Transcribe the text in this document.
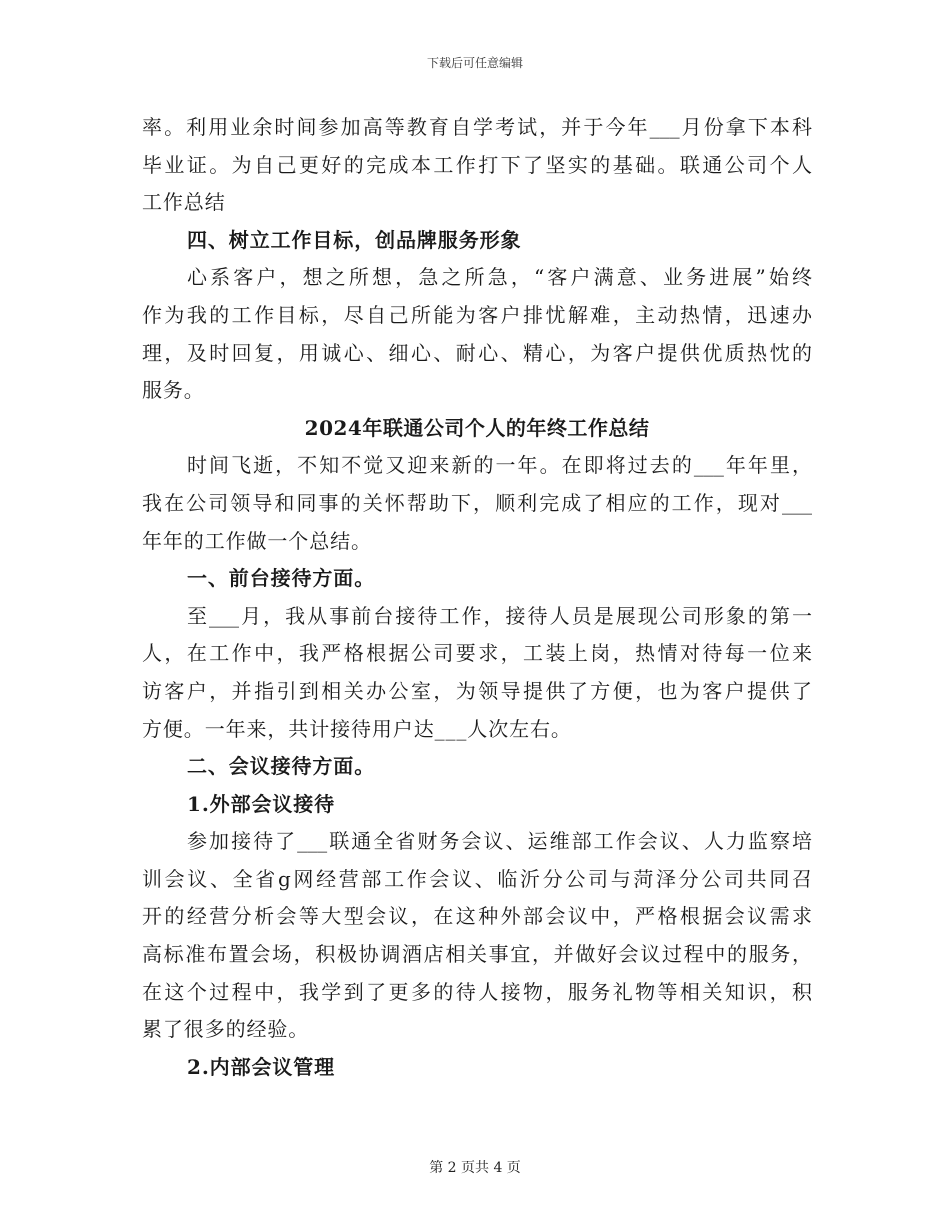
下载后可任意编辑
率。利用业余时间参加高等教育自学考试，并于今年___月份拿下本科
毕业证。为自己更好的完成本工作打下了坚实的基础。联通公司个人
工作总结
四、树立工作目标，创品牌服务形象
心系客户，想之所想，急之所急，“客户满意、业务进展”始终
作为我的工作目标，尽自己所能为客户排忧解难，主动热情，迅速办
理，及时回复，用诚心、细心、耐心、精心，为客户提供优质热忱的
服务。
2024年联通公司个人的年终工作总结
时间飞逝，不知不觉又迎来新的一年。在即将过去的___年年里，
我在公司领导和同事的关怀帮助下，顺利完成了相应的工作，现对___
年年的工作做一个总结。
一、前台接待方面。
至___月，我从事前台接待工作，接待人员是展现公司形象的第一
人，在工作中，我严格根据公司要求，工装上岗，热情对待每一位来
访客户，并指引到相关办公室，为领导提供了方便，也为客户提供了
方便。一年来，共计接待用户达___人次左右。
二、会议接待方面。
1.外部会议接待
参加接待了___联通全省财务会议、运维部工作会议、人力监察培
训会议、全省g网经营部工作会议、临沂分公司与菏泽分公司共同召
开的经营分析会等大型会议，在这种外部会议中，严格根据会议需求
高标准布置会场，积极协调酒店相关事宜，并做好会议过程中的服务，
在这个过程中，我学到了更多的待人接物，服务礼物等相关知识，积
累了很多的经验。
2.内部会议管理
第 2 页共 4 页
